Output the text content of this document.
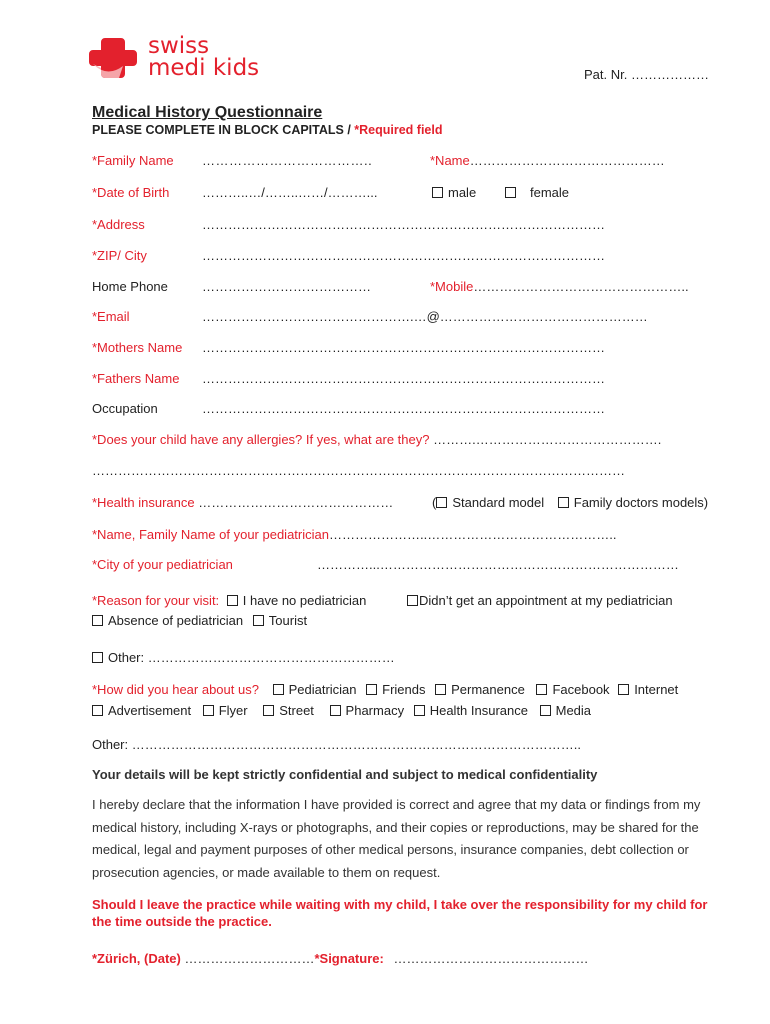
swiss
medi kids	Pat. Nr. ………………
Medical History Questionnaire
PLEASE COMPLETE IN BLOCK CAPITALS / *Required field
*Family Name ………………………………..	*Name………………………………………
*Date of Birth	………..…/……..……/………...	male	female
*Address	…………………………………………………………………………………
*ZIP/ City	…………………………………………………………………………………
Home Phone	…………………………………	*Mobile…………………………………………..
*Email	………………………………………….…@…………………………………………
*Mothers Name …………………………………………………………………………………
*Fathers Name …………………………………………………………………………………
Occupation	…………………………………………………………………………………
*Does your child have any allergies? If yes, what are they? ……….…………………………………….
……………………………………………………………………………………………………………
*Health insurance ………………………………………	( Standard model Family doctors models)
*Name, Family Name of your pediatrician…………………..……………………………………..
*City of your pediatrician	…………...……………………………………………………………
*Reason for your visit: I have no pediatrician	Didn’t get an appointment at my pediatrician
Absence of pediatrician Tourist
Other: …………………………………………………
*How did you hear about us? Pediatrician Friends Permanence Facebook Internet
Advertisement Flyer Street Pharmacy Health Insurance Media
Other: …………………………………………………………………………………………..
Your details will be kept strictly confidential and subject to medical confidentiality
I hereby declare that the information I have provided is correct and agree that my data or findings from my medical history, including X-rays or photographs, and their copies or reproductions, may be shared for the medical, legal and payment purposes of other medical persons, insurance companies, debt collection or prosecution agencies, or made available to them on request.
Should I leave the practice while waiting with my child, I take over the responsibility for my child for the time outside the practice.
*Zürich, (Date) …………………………*Signature: ………………………………………
